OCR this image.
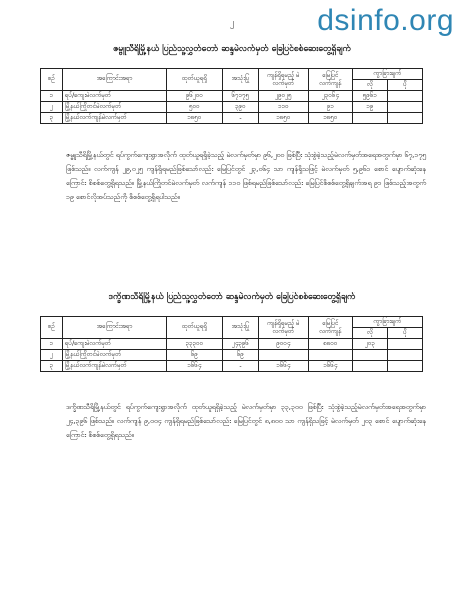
dsinfo.org
၂
ဇမ္ဗူသီရိမြို့နယ် ပြည်သူ့လွှတ်တော် ဆန္ဒမဲလက်မှတ် ခြေပြင်စစ်ဆေးတွေ့ရှိချက်
စဉ်	အကြောင်းအရာ	ထုတ်ယူရရှိ	အသုံးပြု	ကျန်ရှိရမည့် မဲလက်မှတ်	မြေပြင် လက်ကျန်	ကွာခြားချက်	
						လို	ပို
၁	ရပ်/ကျေးမဲလက်မှတ်	၉၆၂၀၀	၆၇၁၇၅	၂၉၀၂၅	၂၃၀၆၄	၅၉၆၁	
၂	မြို့နယ်ကြိုတင်မဲလက်မှတ်	၅၀၀	၃၉၀	၁၁၀	၉၁	၁၉	
၃	မြို့နယ်လက်ကျန်မဲလက်မှတ်	၁၈၅၀	-	၁၈၅၀	၁၈၅၀		
ဇမ္ဗူသီရိမြို့နယ်တွင် ရပ်ကွက်ကျေးရွာအလိုက် ထုတ်ယူရရှိခဲ့သည့် မဲလက်မှတ်မှာ ၉၆,၂၀၀ ဖြစ်ပြီး သုံးစွဲခဲ့သည့်မဲလက်မှတ်အရေအတွက်မှာ ၆၇,၁၇၅ ဖြစ်သည်။ လက်ကျန် ၂၉,၀၂၅ ကျန်ရှိရမည်ဖြစ်သော်လည်း မြေပြင်တွင် ၂၃,၀၆၄ သာ ကျန်ရှိသဖြင့် မဲလက်မှတ် ၅,၉၆၁ စောင် ပျောက်ဆုံးနေကြောင်း စိစစ်တွေ့ရှိရသည်။ မြို့နယ်ကြိုတင်မဲလက်မှတ် လက်ကျန် ၁၁၀ ဖြစ်ရမည်ဖြစ်သော်လည်း မြေပြင်စိစစ်တွေ့ရှိချက်အရ ၉၁ ဖြစ်သည့်အတွက် ၁၉ စောင်လိုအပ်သည်ကို စိစစ်တွေ့ရှိရပါသည်။
ဒက္ခိဏသီရိမြို့နယ် ပြည်သူ့လွှတ်တော် ဆန္ဒမဲလက်မှတ် ခြေပြင်စစ်ဆေးတွေ့ရှိချက်
စဉ်	အကြောင်းအရာ	ထုတ်ယူရရှိ	အသုံးပြု	ကျန်ရှိရမည့် မဲလက်မှတ်	မြေပြင် လက်ကျန်	ကွာခြားချက်	
						လို	ပို
၁	ရပ်/ကျေးမဲလက်မှတ်	၃၃၃၀၀	၂၄၃၉၆	၉၀၀၄	၈၈၀၀	၂၀၃	
၂	မြို့နယ်ကြိုတင်မဲလက်မှတ်	၆၉	၆၉				
၃	မြို့နယ်လက်ကျန်မဲလက်မှတ်	၁၆၆၄	-	၁၆၆၄	၁၆၆၄		
ဒက္ခိဏသီရိမြို့နယ်တွင် ရပ်ကွက်ကျေးရွာအလိုက် ထုတ်ယူရရှိခဲ့သည့် မဲလက်မှတ်မှာ ၃၃,၃၀၀ ဖြစ်ပြီး သုံးစွဲခဲ့သည့်မဲလက်မှတ်အရေအတွက်မှာ ၂၄,၃၉၆ ဖြစ်သည်။ လက်ကျန် ၉,၀၀၄ ကျန်ရှိရမည်ဖြစ်သော်လည်း မြေပြင်တွင် ၈,၈၀၀ သာ ကျန်ရှိသဖြင့် မဲလက်မှတ် ၂၀၃ စောင် ပျောက်ဆုံးနေကြောင်း စိစစ်တွေ့ရှိရသည်။
